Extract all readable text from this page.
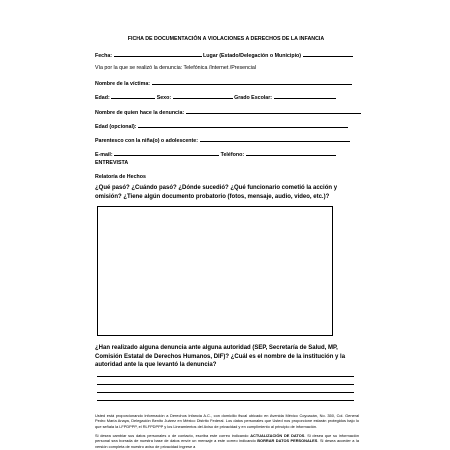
FICHA DE DOCUMENTACIÓN A VIOLACIONES A DERECHOS DE LA INFANCIA
Fecha:	Lugar (Estado/Delegación o Municipio)
Vía por la que se realizó la denuncia: Telefónica /Internet /Presencial
Nombre de la víctima:
Edad:	Sexo:	Grado Escolar:
Nombre de quien hace la denuncia:
Edad (opcional):
Parentesco con la niña(o) o adolescente:
E-mail:	Teléfono:
ENTREVISTA
Relatoría de Hechos
¿Qué pasó? ¿Cuándo pasó? ¿Dónde sucedió? ¿Qué funcionario cometió la acción y omisión? ¿Tiene algún documento probatorio (fotos, mensaje, audio, video, etc.)?
¿Han realizado alguna denuncia ante alguna autoridad (SEP, Secretaría de Salud, MP, Comisión Estatal de Derechos Humanos, DIF)? ¿Cuál es el nombre de la institución y la autoridad ante la que levantó la denuncia?
Usted está proporcionando información a Derechos Infancia A.C., con domicilio fiscal ubicado en Avenida México Coyoacán, No. 350, Col. General Pedro María Anaya, Delegación Benito Juárez en México Distrito Federal. Los datos personales que Usted nos proporcione estarán protegidos bajo lo que señala la LFPDPPP, el RLFPDPPP y los Lineamientos del Aviso de privacidad y en cumplimiento al principio de información.
Si desea cambiar sus datos personales o de contacto, escriba este correo indicando ACTUALIZACIÓN DE DATOS. Si desea que su información personal sea borrada de nuestra base de datos envíe un mensaje a este correo indicando BORRAR DATOS PERSONALES. Si desea acceder a la versión completa de nuestro aviso de privacidad ingrese a
